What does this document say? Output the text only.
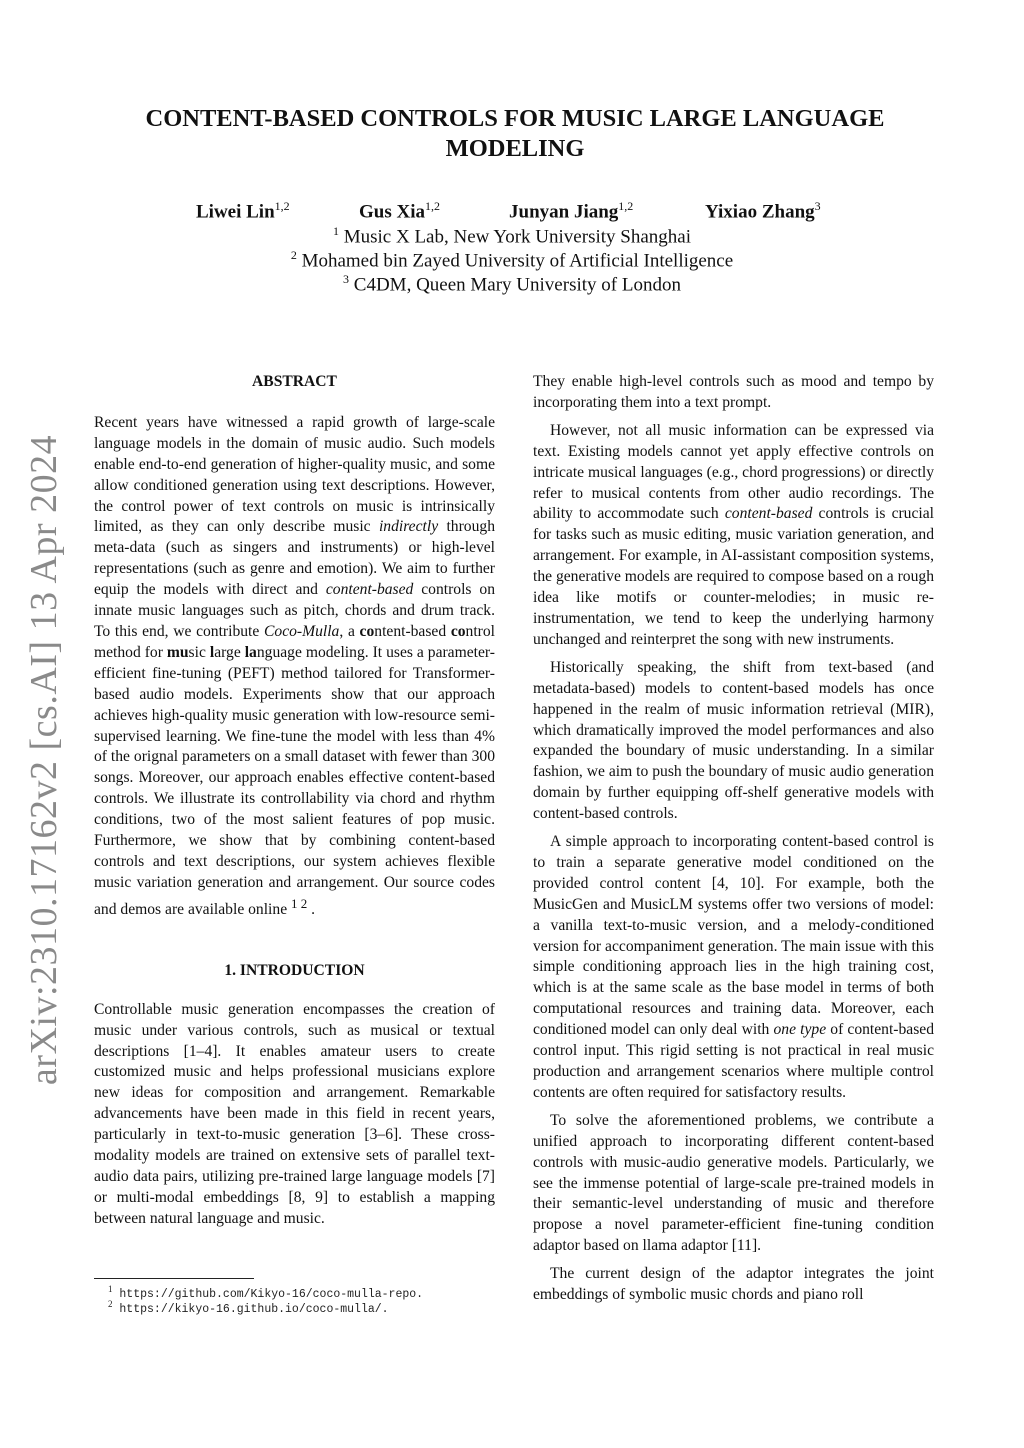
arXiv:2310.17162v2 [cs.AI] 13 Apr 2024
CONTENT-BASED CONTROLS FOR MUSIC LARGE LANGUAGE MODELING
Liwei Lin$^{1,2}$	Gus Xia$^{1,2}$	Junyan Jiang$^{1,2}$	Yixiao Zhang$^3$
$^1$ Music X Lab, New York University Shanghai
$^2$ Mohamed bin Zayed University of Artificial Intelligence
$^3$ C4DM, Queen Mary University of London
ABSTRACT

Recent years have witnessed a rapid growth of large-scale language models in the domain of music audio. Such models enable end-to-end generation of higher-quality music, and some allow conditioned generation using text descriptions. However, the control power of text controls on music is intrinsically limited, as they can only describe music indirectly through meta-data (such as singers and instruments) or high-level representations (such as genre and emotion). We aim to further equip the models with direct and content-based controls on innate music languages such as pitch, chords and drum track. To this end, we contribute Coco-Mulla, a content-based control method for music large language modeling. It uses a parameter-efficient fine-tuning (PEFT) method tailored for Transformer-based audio models. Experiments show that our approach achieves high-quality music generation with low-resource semi-supervised learning. We fine-tune the model with less than 4% of the orignal parameters on a small dataset with fewer than 300 songs. Moreover, our approach enables effective content-based controls. We illustrate its controllability via chord and rhythm conditions, two of the most salient features of pop music. Furthermore, we show that by combining content-based controls and text descriptions, our system achieves flexible music variation generation and arrangement. Our source codes and demos are available online $^{1 2}$ .

1. INTRODUCTION

Controllable music generation encompasses the creation of music under various controls, such as musical or textual descriptions [1–4]. It enables amateur users to create customized music and helps professional musicians explore new ideas for composition and arrangement. Remarkable advancements have been made in this field in recent years, particularly in text-to-music generation [3–6]. These cross-modality models are trained on extensive sets of parallel text-audio data pairs, utilizing pre-trained large language models [7] or multi-modal embeddings [8, 9] to establish a mapping between natural language and music.

They enable high-level controls such as mood and tempo by incorporating them into a text prompt.

However, not all music information can be expressed via text. Existing models cannot yet apply effective controls on intricate musical languages (e.g., chord progressions) or directly refer to musical contents from other audio recordings. The ability to accommodate such content-based controls is crucial for tasks such as music editing, music variation generation, and arrangement. For example, in AI-assistant composition systems, the generative models are required to compose based on a rough idea like motifs or counter-melodies; in music re-instrumentation, we tend to keep the underlying harmony unchanged and reinterpret the song with new instruments.

Historically speaking, the shift from text-based (and metadata-based) models to content-based models has once happened in the realm of music information retrieval (MIR), which dramatically improved the model performances and also expanded the boundary of music understanding. In a similar fashion, we aim to push the boundary of music audio generation domain by further equipping off-shelf generative models with content-based controls.

A simple approach to incorporating content-based control is to train a separate generative model conditioned on the provided control content [4, 10]. For example, both the MusicGen and MusicLM systems offer two versions of model: a vanilla text-to-music version, and a melody-conditioned version for accompaniment generation. The main issue with this simple conditioning approach lies in the high training cost, which is at the same scale as the base model in terms of both computational resources and training data. Moreover, each conditioned model can only deal with one type of content-based control input. This rigid setting is not practical in real music production and arrangement scenarios where multiple control contents are often required for satisfactory results.

To solve the aforementioned problems, we contribute a unified approach to incorporating different content-based controls with music-audio generative models. Particularly, we see the immense potential of large-scale pre-trained models in their semantic-level understanding of music and therefore propose a novel parameter-efficient fine-tuning condition adaptor based on llama adaptor [11].

The current design of the adaptor integrates the joint embeddings of symbolic music chords and piano roll

$^1$ https://github.com/Kikyo-16/coco-mulla-repo.
$^2$ https://kikyo-16.github.io/coco-mulla/.
